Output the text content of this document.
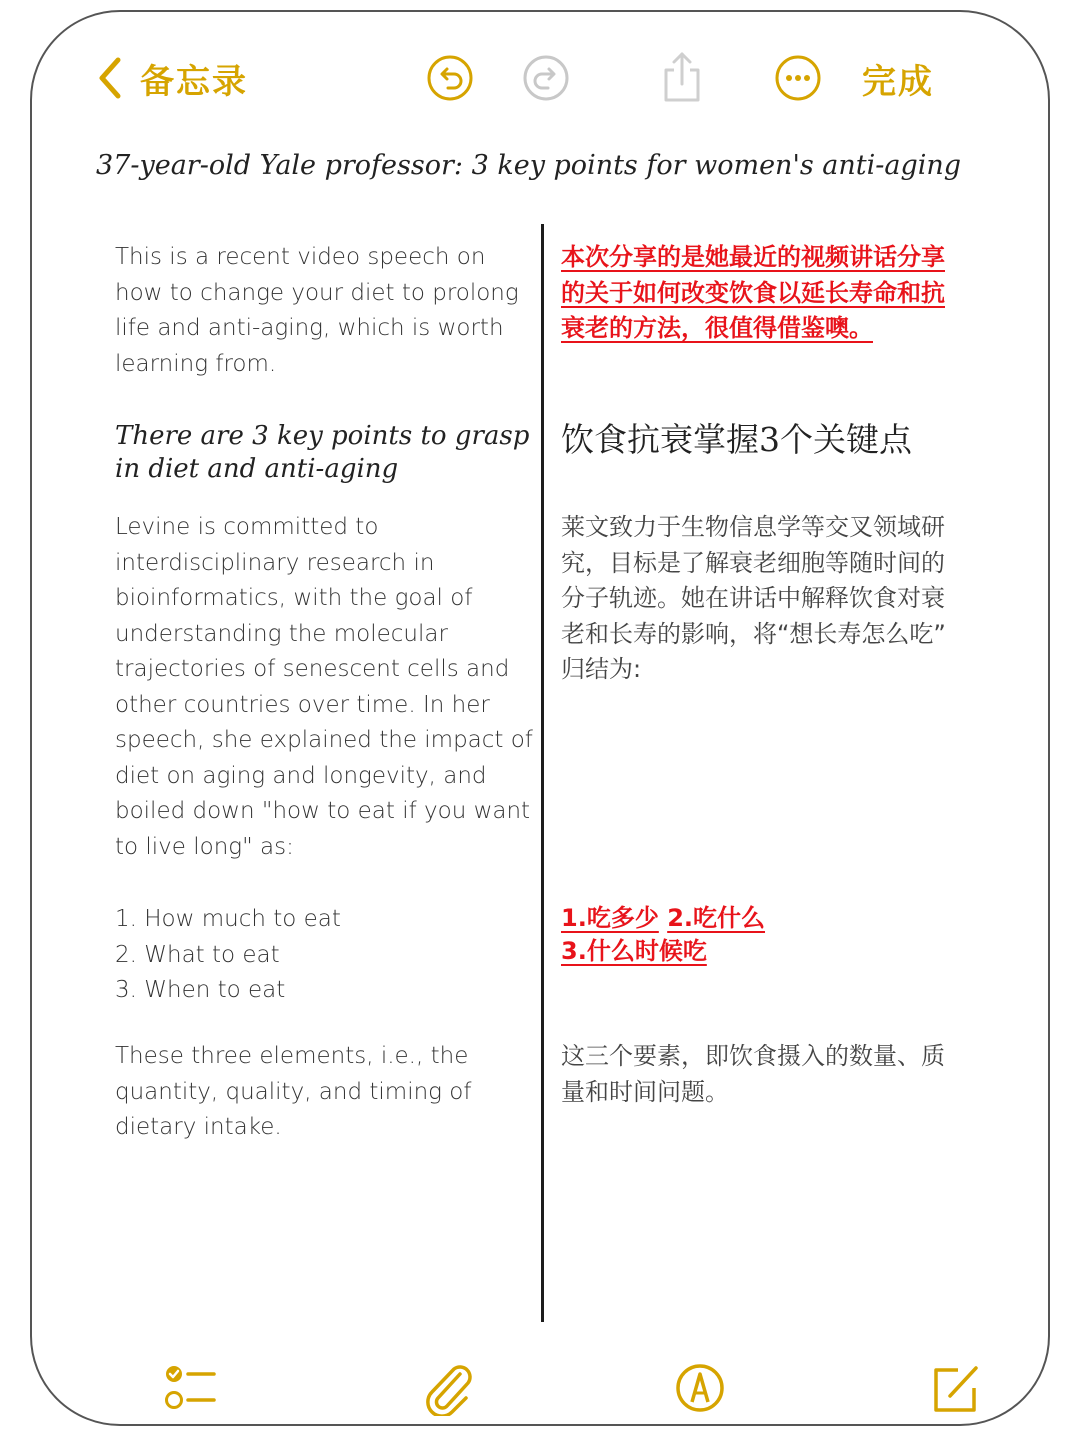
备忘录	完成
37-year-old Yale professor: 3 key points for women's anti-aging

This is a recent video speech on how to change your diet to prolong life and anti-aging, which is worth learning from.

There are 3 key points to grasp in diet and anti-aging

Levine is committed to interdisciplinary research in bioinformatics, with the goal of understanding the molecular trajectories of senescent cells and other countries over time. In her speech, she explained the impact of diet on aging and longevity, and boiled down "how to eat if you want to live long" as:

1. How much to eat
2. What to eat
3. When to eat

These three elements, i.e., the quantity, quality, and timing of dietary intake.

本次分享的是她最近的视频讲话分享的关于如何改变饮食以延长寿命和抗衰老的方法，很值得借鉴噢。

饮食抗衰掌握3个关键点

莱文致力于生物信息学等交叉领域研究，目标是了解衰老细胞等随时间的分子轨迹。她在讲话中解释饮食对衰老和长寿的影响，将“想长寿怎么吃” 归结为:

1.吃多少 2.吃什么 3.什么时候吃

这三个要素，即饮食摄入的数量、质量和时间问题。
